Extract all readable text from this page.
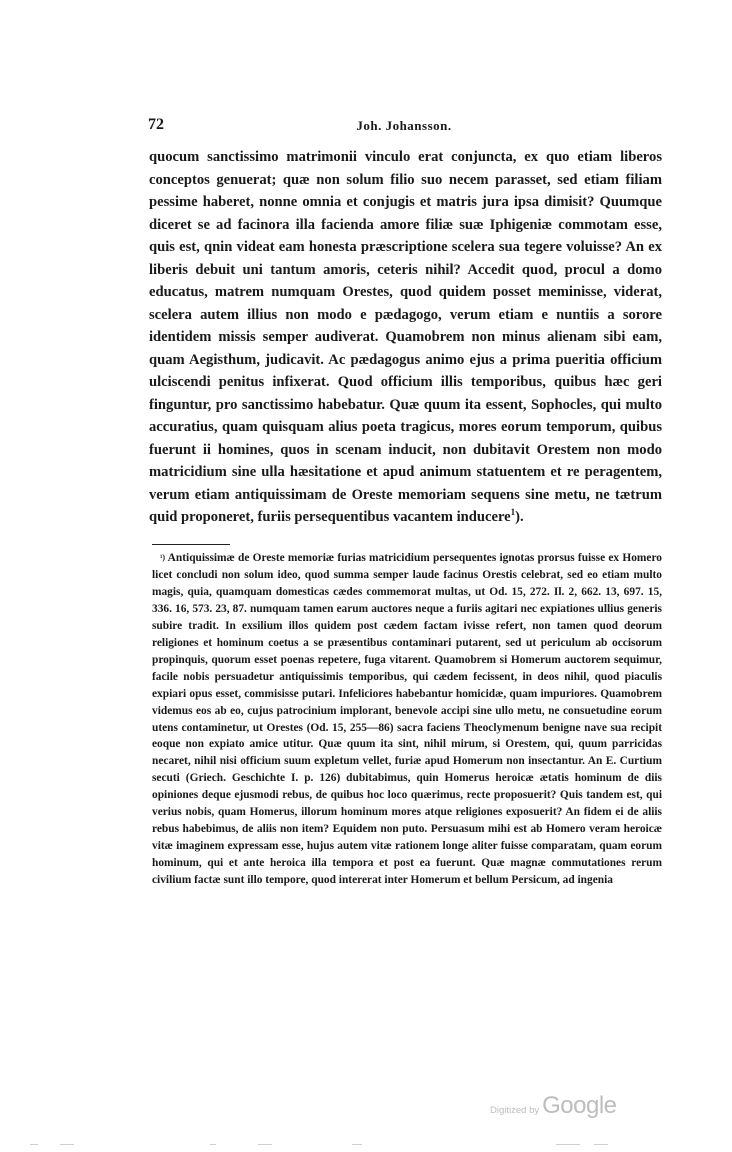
72	Joh. Johansson.

quocum sanctissimo matrimonii vinculo erat conjuncta, ex quo etiam liberos conceptos genuerat; quæ non solum filio suo necem parasset, sed etiam filiam pessime haberet, nonne omnia et conjugis et matris jura ipsa dimisit? Quumque diceret se ad facinora illa facienda amore filiæ suæ Iphigeniæ commotam esse, quis est, qnin videat eam honesta præscriptione scelera sua tegere voluisse? An ex liberis debuit uni tantum amoris, ceteris nihil? Accedit quod, procul a domo educatus, matrem numquam Orestes, quod quidem posset meminisse, viderat, scelera autem illius non modo e pædagogo, verum etiam e nuntiis a sorore identidem missis semper audiverat. Quamobrem non minus alienam sibi eam, quam Aegisthum, judicavit. Ac pædagogus animo ejus a prima pueritia officium ulciscendi penitus infixerat. Quod officium illis temporibus, quibus hæc geri finguntur, pro sanctissimo habebatur. Quæ quum ita essent, Sophocles, qui multo accuratius, quam quisquam alius poeta tragicus, mores eorum temporum, quibus fuerunt ii homines, quos in scenam inducit, non dubitavit Orestem non modo matricidium sine ulla hæsitatione et apud animum statuentem et re peragentem, verum etiam antiquissimam de Oreste memoriam sequens sine metu, ne tætrum quid proponeret, furiis persequentibus vacantem inducere$^1$).

$^{^1)}$ Antiquissimæ de Oreste memoriæ furias matricidium persequentes ignotas prorsus fuisse ex Homero licet concludi non solum ideo, quod summa semper laude facinus Orestis celebrat, sed eo etiam multo magis, quia, quamquam domesticas cædes commemorat multas, ut Od. 15, 272. Il. 2, 662. 13, 697. 15, 336. 16, 573. 23, 87. numquam tamen earum auctores neque a furiis agitari nec expiationes ullius generis subire tradit. In exsilium illos quidem post cædem factam ivisse refert, non tamen quod deorum religiones et hominum coetus a se præsentibus contaminari putarent, sed ut periculum ab occisorum propinquis, quorum esset poenas repetere, fuga vitarent. Quamobrem si Homerum auctorem sequimur, facile nobis persuadetur antiquissimis temporibus, qui cædem fecissent, in deos nihil, quod piaculis expiari opus esset, commisisse putari. Infeliciores habebantur homicidæ, quam impuriores. Quamobrem videmus eos ab eo, cujus patrocinium implorant, benevole accipi sine ullo metu, ne consuetudine eorum utens contaminetur, ut Orestes (Od. 15, 255—86) sacra faciens Theoclymenum benigne nave sua recipit eoque non expiato amice utitur. Quæ quum ita sint, nihil mirum, si Orestem, qui, quum parricidas necaret, nihil nisi officium suum expletum vellet, furiæ apud Homerum non insectantur. An E. Curtium secuti (Griech. Geschichte I. p. 126) dubitabimus, quin Homerus heroicæ ætatis hominum de diis opiniones deque ejusmodi rebus, de quibus hoc loco quærimus, recte proposuerit? Quis tandem est, qui verius nobis, quam Homerus, illorum hominum mores atque religiones exposuerit? An fidem ei de aliis rebus habebimus, de aliis non item? Equidem non puto. Persuasum mihi est ab Homero veram heroicæ vitæ imaginem expressam esse, hujus autem vitæ rationem longe aliter fuisse comparatam, quam eorum hominum, qui et ante heroica illa tempora et post ea fuerunt. Quæ magnæ commutationes rerum civilium factæ sunt illo tempore, quod intererat inter Homerum et bellum Persicum, ad ingenia

Digitized by Google
